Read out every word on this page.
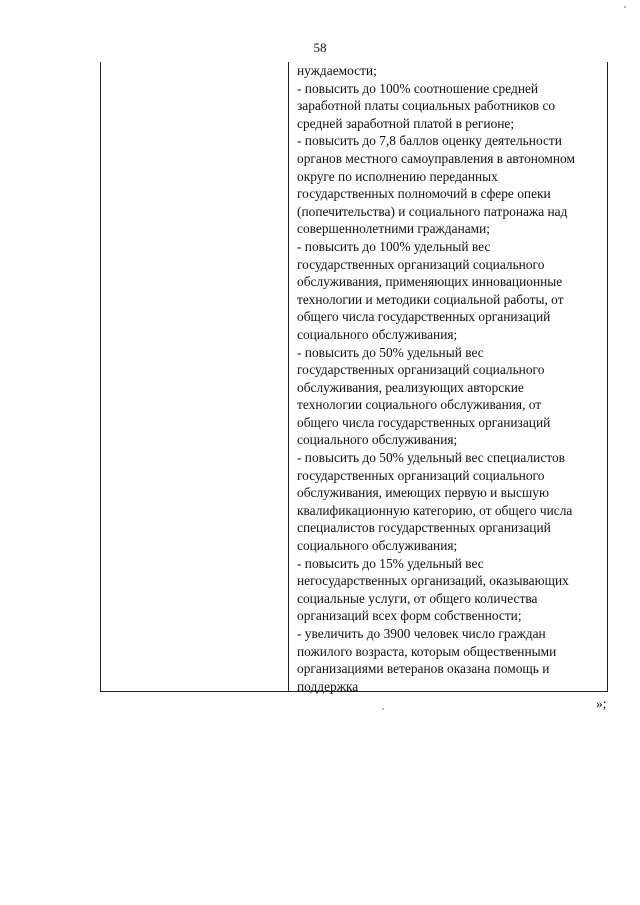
58
нуждаемости;
- повысить до 100% соотношение средней
заработной платы социальных работников со
средней заработной платой в регионе;
- повысить до 7,8 баллов оценку деятельности
органов местного самоуправления в автономном
округе по исполнению переданных
государственных полномочий в сфере опеки
(попечительства) и социального патронажа над
совершеннолетними гражданами;
- повысить до 100% удельный вес
государственных организаций социального
обслуживания, применяющих инновационные
технологии и методики социальной работы, от
общего числа государственных организаций
социального обслуживания;
- повысить до 50% удельный вес
государственных организаций социального
обслуживания, реализующих авторские
технологии социального обслуживания, от
общего числа государственных организаций
социального обслуживания;
- повысить до 50% удельный вес специалистов
государственных организаций социального
обслуживания, имеющих первую и высшую
квалификационную категорию, от общего числа
специалистов государственных организаций
социального обслуживания;
- повысить до 15% удельный вес
негосударственных организаций, оказывающих
социальные услуги, от общего количества
организаций всех форм собственности;
- увеличить до 3900 человек число граждан
пожилого возраста, которым общественными
организациями ветеранов оказана помощь и
поддержка
»;
